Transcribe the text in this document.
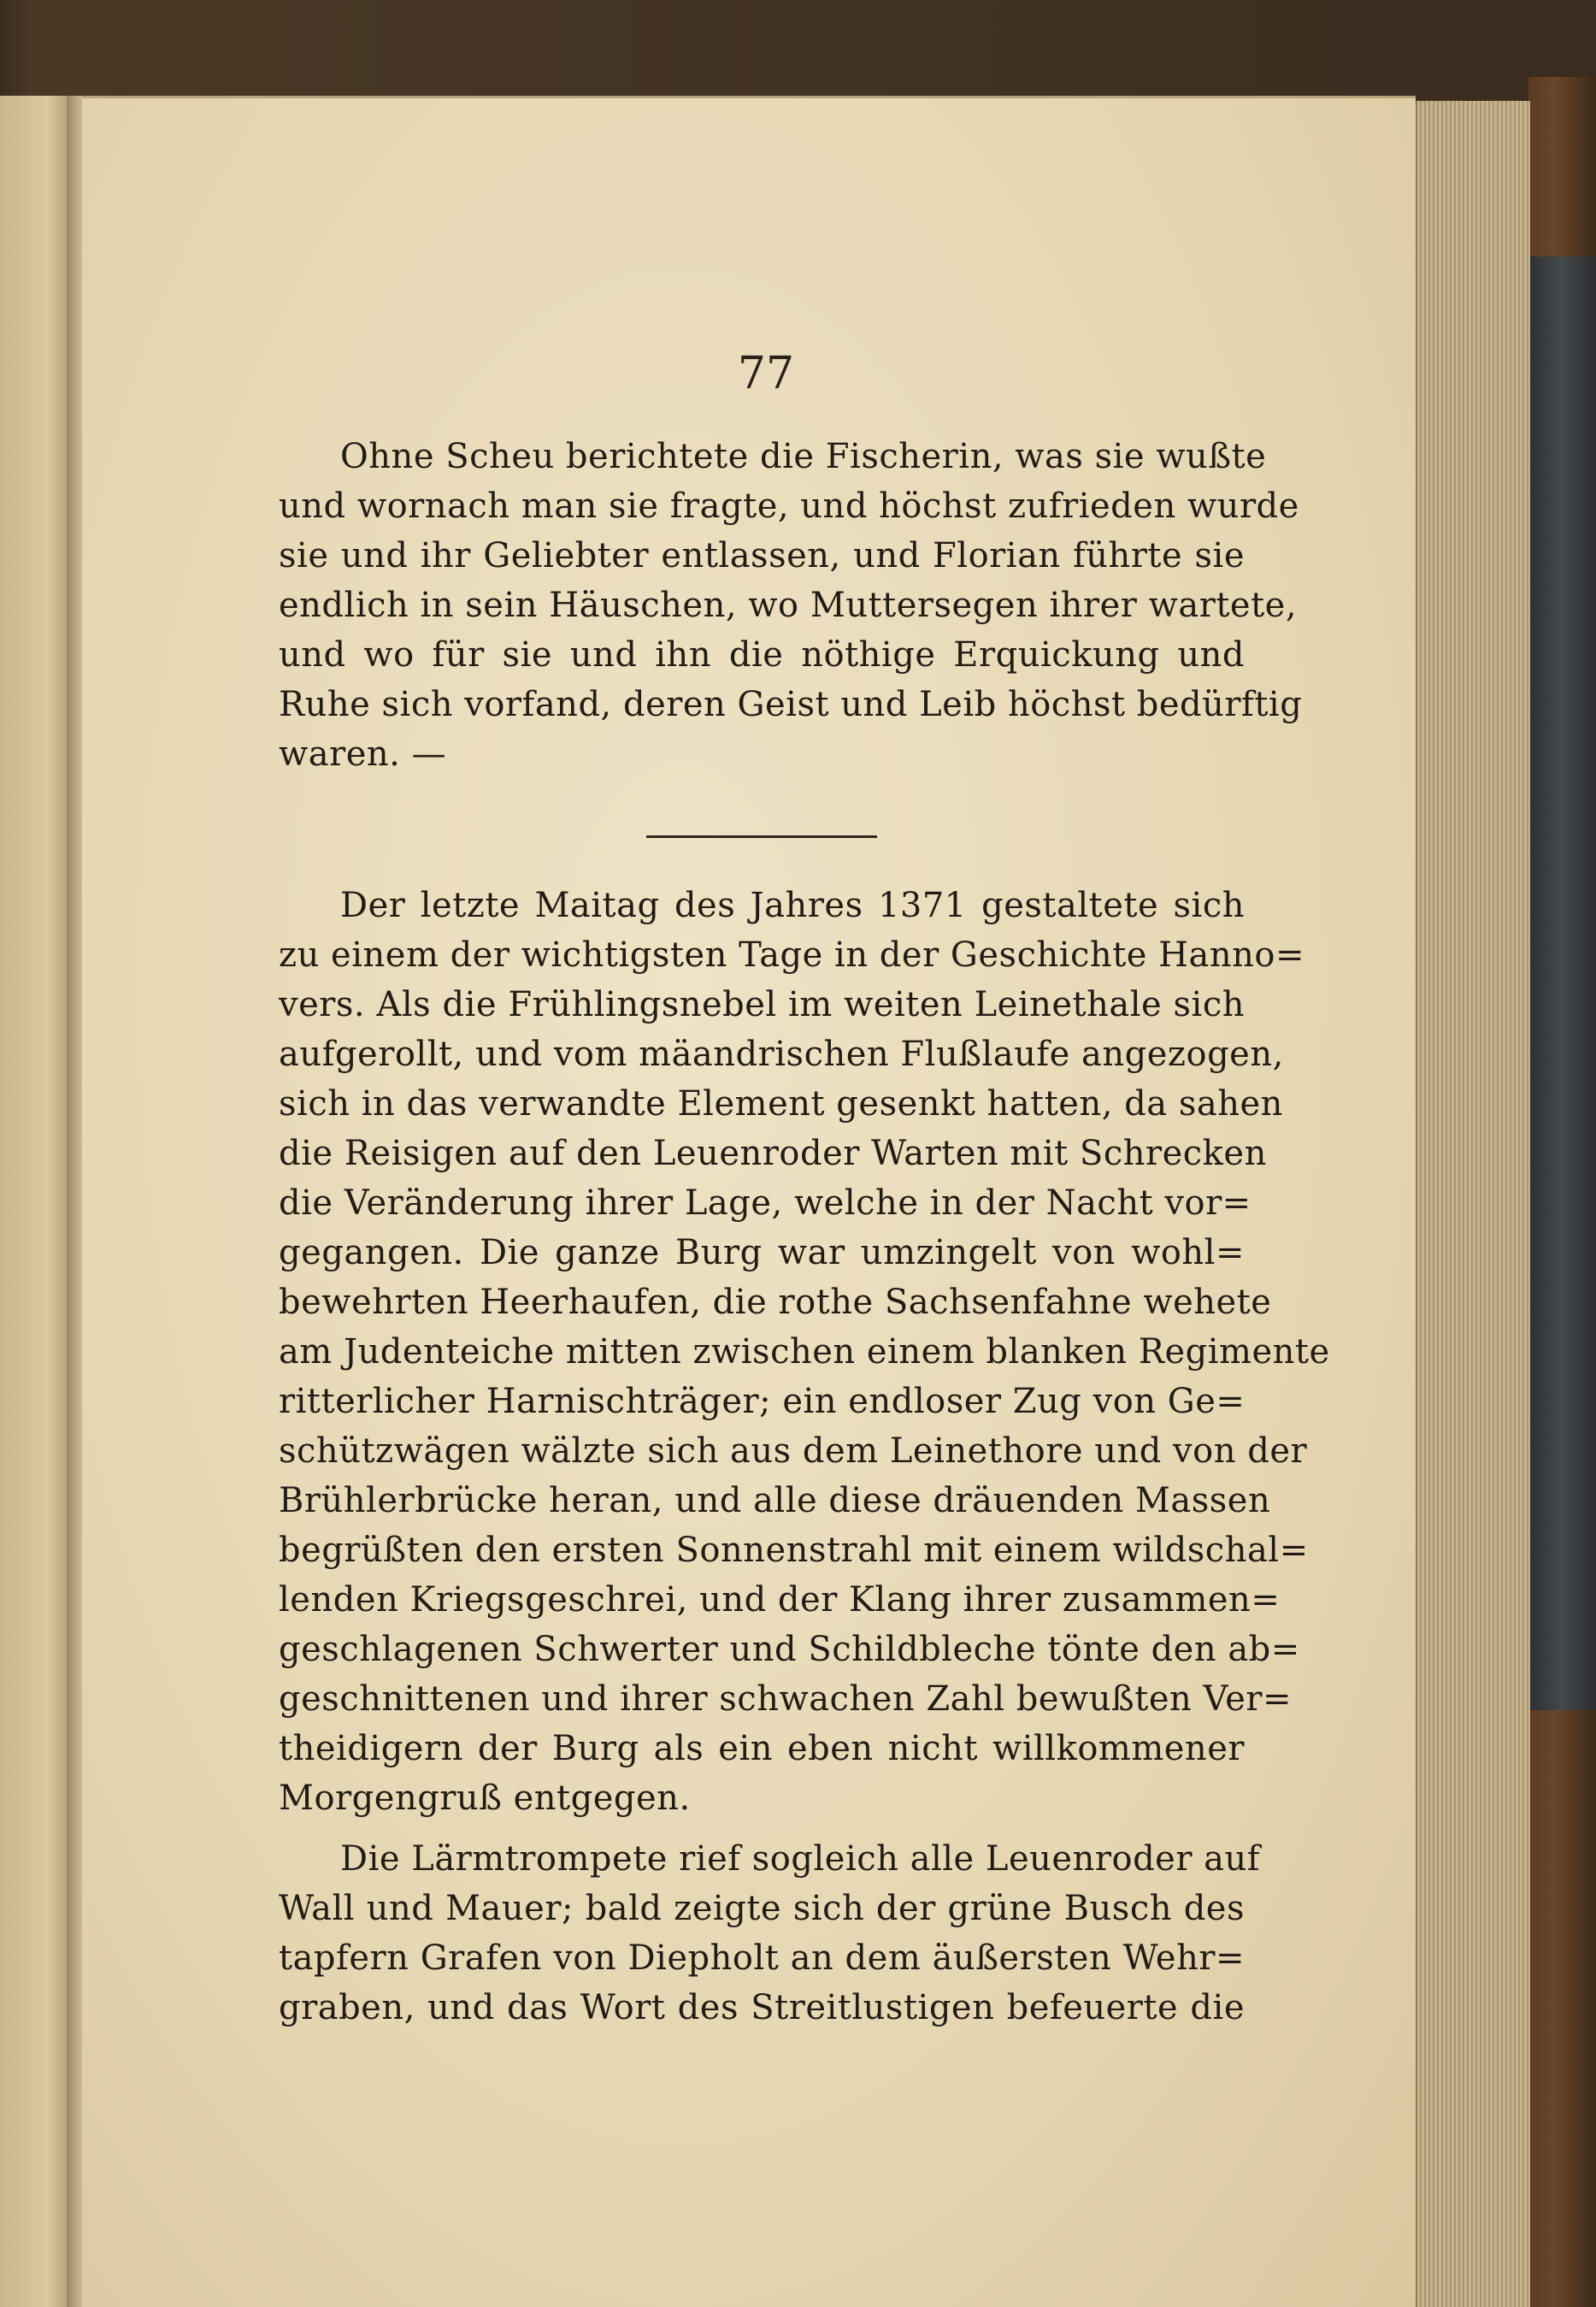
77

Ohne Scheu berichtete die Fischerin, was sie wußte
und wornach man sie fragte, und höchst zufrieden wurde
sie und ihr Geliebter entlassen, und Florian führte sie
endlich in sein Häuschen, wo Muttersegen ihrer wartete,
und wo für sie und ihn die nöthige Erquickung und
Ruhe sich vorfand, deren Geist und Leib höchst bedürftig
waren. —
Der letzte Maitag des Jahres 1371 gestaltete sich
zu einem der wichtigsten Tage in der Geschichte Hanno=
vers. Als die Frühlingsnebel im weiten Leinethale sich
aufgerollt, und vom mäandrischen Flußlaufe angezogen,
sich in das verwandte Element gesenkt hatten, da sahen
die Reisigen auf den Leuenroder Warten mit Schrecken
die Veränderung ihrer Lage, welche in der Nacht vor=
gegangen. Die ganze Burg war umzingelt von wohl=
bewehrten Heerhaufen, die rothe Sachsenfahne wehete
am Judenteiche mitten zwischen einem blanken Regimente
ritterlicher Harnischträger; ein endloser Zug von Ge=
schützwägen wälzte sich aus dem Leinethore und von der
Brühlerbrücke heran, und alle diese dräuenden Massen
begrüßten den ersten Sonnenstrahl mit einem wildschal=
lenden Kriegsgeschrei, und der Klang ihrer zusammen=
geschlagenen Schwerter und Schildbleche tönte den ab=
geschnittenen und ihrer schwachen Zahl bewußten Ver=
theidigern der Burg als ein eben nicht willkommener
Morgengruß entgegen.
Die Lärmtrompete rief sogleich alle Leuenroder auf
Wall und Mauer; bald zeigte sich der grüne Busch des
tapfern Grafen von Diepholt an dem äußersten Wehr=
graben, und das Wort des Streitlustigen befeuerte die
